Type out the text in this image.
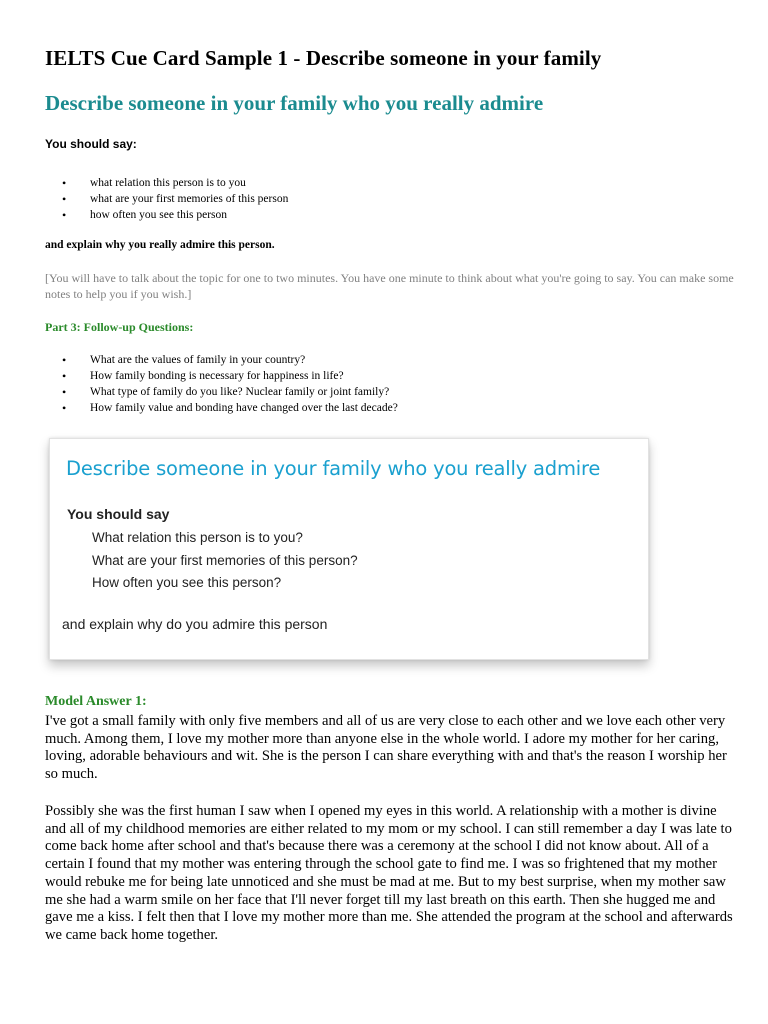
IELTS Cue Card Sample 1 - Describe someone in your family
Describe someone in your family who you really admire
You should say:
• what relation this person is to you
• what are your first memories of this person
• how often you see this person
and explain why you really admire this person.
[You will have to talk about the topic for one to two minutes. You have one minute to think about what you're going to say. You can make some notes to help you if you wish.]
Part 3: Follow-up Questions:
• What are the values of family in your country?
• How family bonding is necessary for happiness in life?
• What type of family do you like? Nuclear family or joint family?
• How family value and bonding have changed over the last decade?
Describe someone in your family who you really admire
You should say
What relation this person is to you?
What are your first memories of this person?
How often you see this person?
and explain why do you admire this person
Model Answer 1:

I've got a small family with only five members and all of us are very close to each other and we love each other very much. Among them, I love my mother more than anyone else in the whole world. I adore my mother for her caring, loving, adorable behaviours and wit. She is the person I can share everything with and that's the reason I worship her so much.

Possibly she was the first human I saw when I opened my eyes in this world. A relationship with a mother is divine and all of my childhood memories are either related to my mom or my school. I can still remember a day I was late to come back home after school and that's because there was a ceremony at the school I did not know about. All of a certain I found that my mother was entering through the school gate to find me. I was so frightened that my mother would rebuke me for being late unnoticed and she must be mad at me. But to my best surprise, when my mother saw me she had a warm smile on her face that I'll never forget till my last breath on this earth. Then she hugged me and gave me a kiss. I felt then that I love my mother more than me. She attended the program at the school and afterwards we came back home together.
